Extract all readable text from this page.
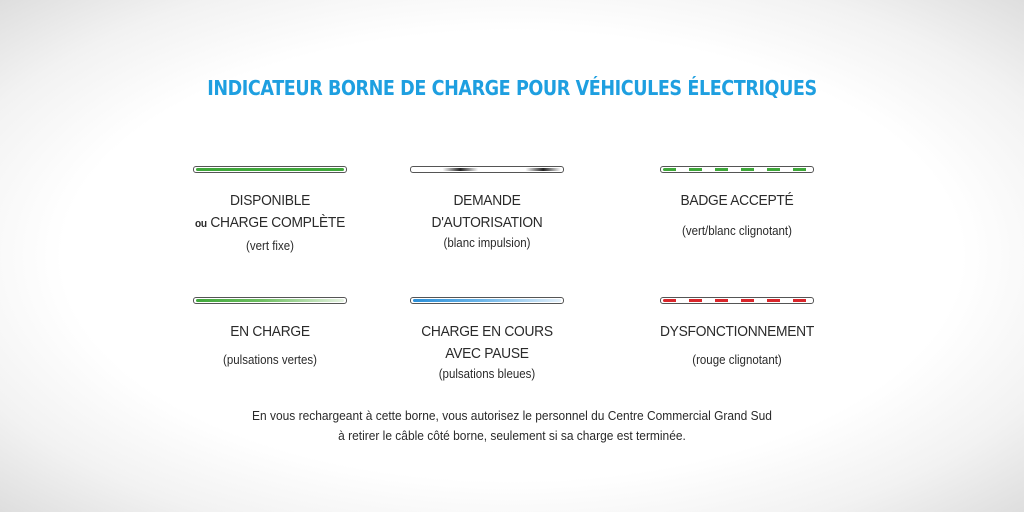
INDICATEUR BORNE DE CHARGE POUR VÉHICULES ÉLECTRIQUES
DISPONIBLE
ou CHARGE COMPLÈTE
(vert fixe)
DEMANDE
D'AUTORISATION
(blanc impulsion)
BADGE ACCEPTÉ
(vert/blanc clignotant)
EN CHARGE
(pulsations vertes)
CHARGE EN COURS
AVEC PAUSE
(pulsations bleues)
DYSFONCTIONNEMENT
(rouge clignotant)
En vous rechargeant à cette borne, vous autorisez le personnel du Centre Commercial Grand Sud
à retirer le câble côté borne, seulement si sa charge est terminée.
